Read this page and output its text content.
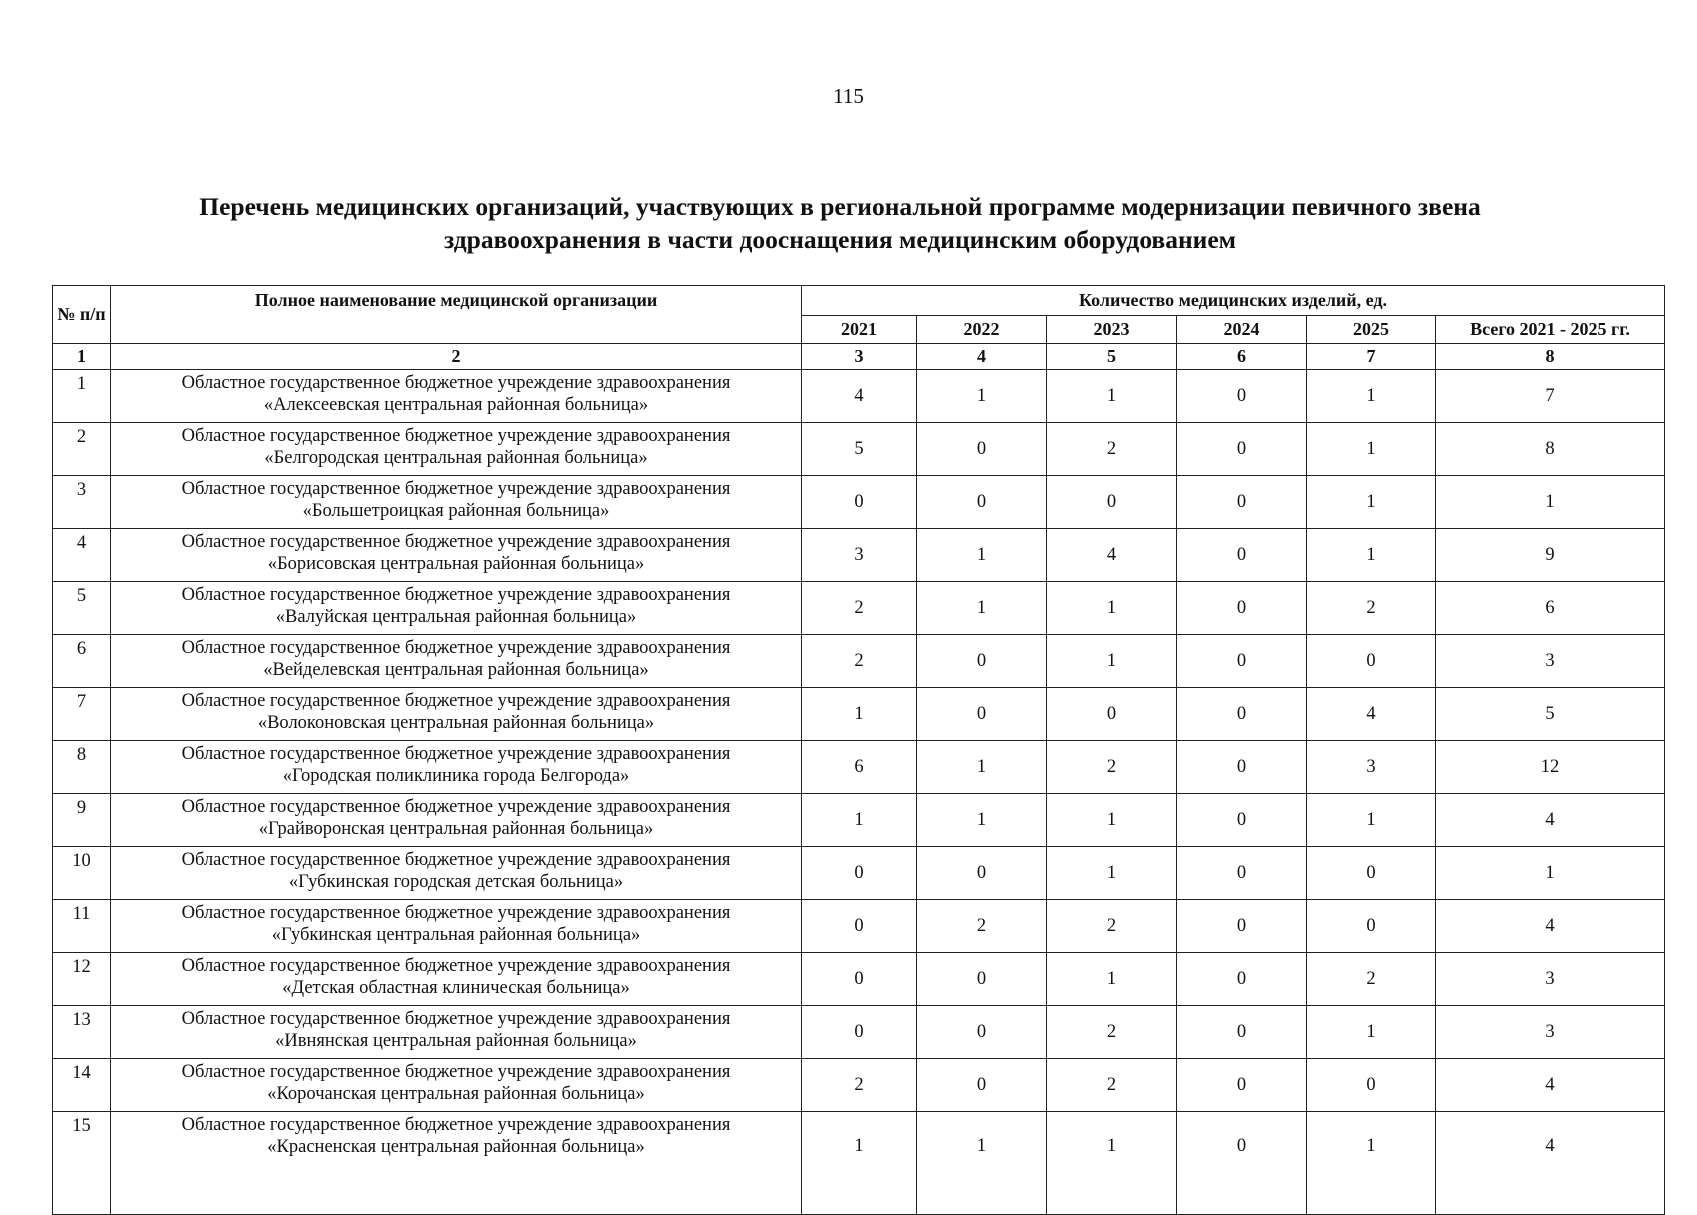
115
Перечень медицинских организаций, участвующих в региональной программе модернизации певичного звена
здравоохранения в части дооснащения медицинским оборудованием
№ п/п	Полное наименование медицинской организации	Количество медицинских изделий, ед.					
		2021	2022	2023	2024	2025	Всего 2021 - 2025 гг.
1	2	3	4	5	6	7	8
1	Областное государственное бюджетное учреждение здравоохранения
«Алексеевская центральная районная больница»	4	1	1	0	1	7
2	Областное государственное бюджетное учреждение здравоохранения
«Белгородская центральная районная больница»	5	0	2	0	1	8
3	Областное государственное бюджетное учреждение здравоохранения
«Большетроицкая районная больница»	0	0	0	0	1	1
4	Областное государственное бюджетное учреждение здравоохранения
«Борисовская центральная районная больница»	3	1	4	0	1	9
5	Областное государственное бюджетное учреждение здравоохранения
«Валуйская центральная районная больница»	2	1	1	0	2	6
6	Областное государственное бюджетное учреждение здравоохранения
«Вейделевская центральная районная больница»	2	0	1	0	0	3
7	Областное государственное бюджетное учреждение здравоохранения
«Волоконовская центральная районная больница»	1	0	0	0	4	5
8	Областное государственное бюджетное учреждение здравоохранения
«Городская поликлиника города Белгорода»	6	1	2	0	3	12
9	Областное государственное бюджетное учреждение здравоохранения
«Грайворонская центральная районная больница»	1	1	1	0	1	4
10	Областное государственное бюджетное учреждение здравоохранения
«Губкинская городская детская больница»	0	0	1	0	0	1
11	Областное государственное бюджетное учреждение здравоохранения
«Губкинская центральная районная больница»	0	2	2	0	0	4
12	Областное государственное бюджетное учреждение здравоохранения
«Детская областная клиническая больница»	0	0	1	0	2	3
13	Областное государственное бюджетное учреждение здравоохранения
«Ивнянская центральная районная больница»	0	0	2	0	1	3
14	Областное государственное бюджетное учреждение здравоохранения
«Корочанская центральная районная больница»	2	0	2	0	0	4
15	Областное государственное бюджетное учреждение здравоохранения
«Красненская центральная районная больница»	1	1	1	0	1	4
